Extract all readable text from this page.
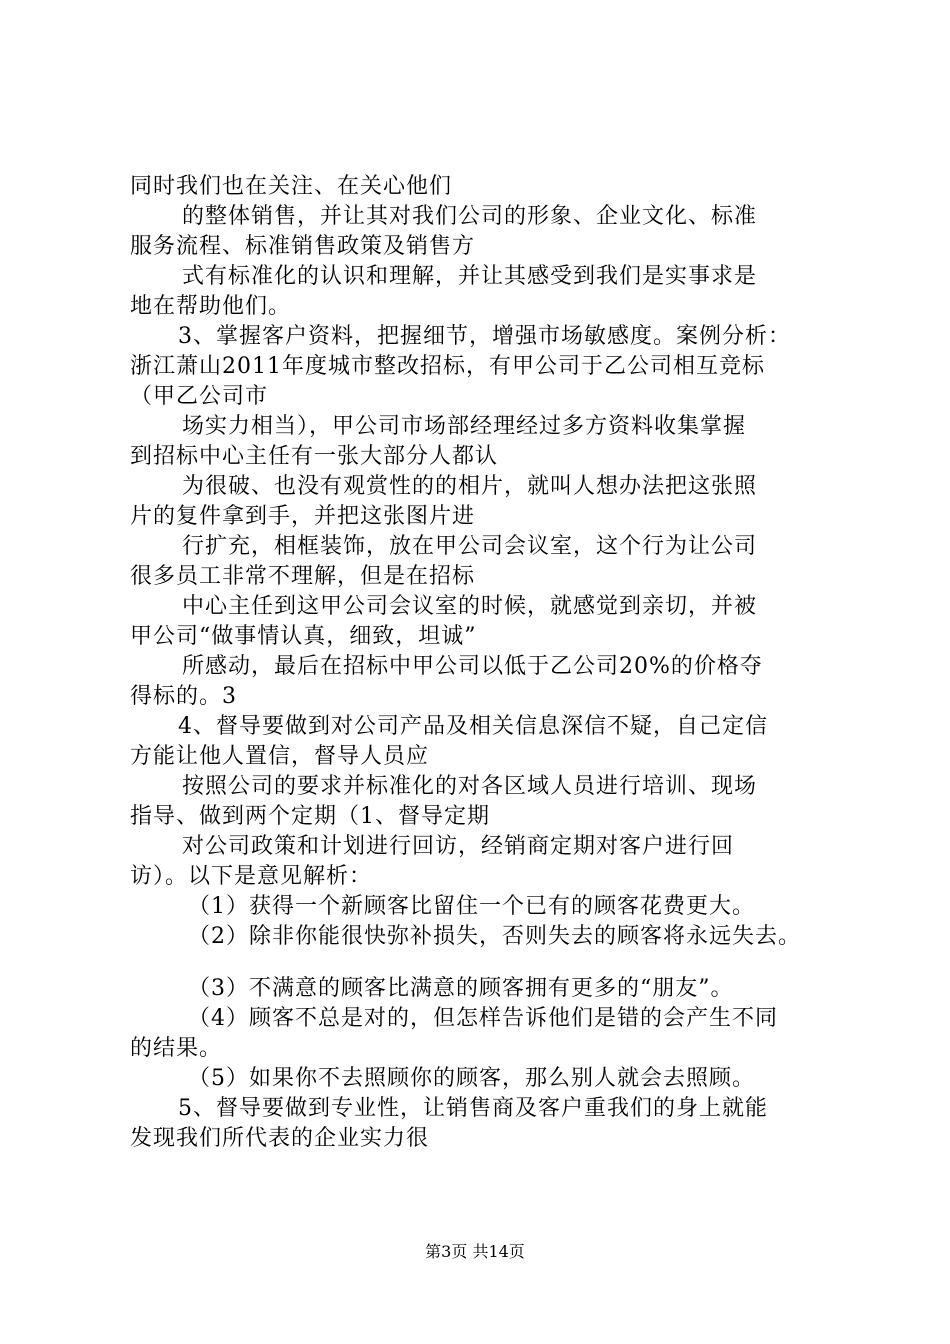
同时我们也在关注、在关心他们
的整体销售，并让其对我们公司的形象、企业文化、标准
服务流程、标准销售政策及销售方
式有标准化的认识和理解，并让其感受到我们是实事求是
地在帮助他们。
3、掌握客户资料，把握细节，增强市场敏感度。案例分析：
浙江萧山2011年度城市整改招标，有甲公司于乙公司相互竞标
（甲乙公司市
场实力相当），甲公司市场部经理经过多方资料收集掌握
到招标中心主任有一张大部分人都认
为很破、也没有观赏性的的相片，就叫人想办法把这张照
片的复件拿到手，并把这张图片进
行扩充，相框装饰，放在甲公司会议室，这个行为让公司
很多员工非常不理解，但是在招标
中心主任到这甲公司会议室的时候，就感觉到亲切，并被
甲公司“做事情认真，细致，坦诚”
所感动，最后在招标中甲公司以低于乙公司20%的价格夺
得标的。3
4、督导要做到对公司产品及相关信息深信不疑，自己定信
方能让他人置信，督导人员应
按照公司的要求并标准化的对各区域人员进行培训、现场
指导、做到两个定期（1、督导定期
对公司政策和计划进行回访，经销商定期对客户进行回
访）。以下是意见解析：
（1）获得一个新顾客比留住一个已有的顾客花费更大。
（2）除非你能很快弥补损失，否则失去的顾客将永远失去。
（3）不满意的顾客比满意的顾客拥有更多的“朋友”。
（4）顾客不总是对的，但怎样告诉他们是错的会产生不同
的结果。
（5）如果你不去照顾你的顾客，那么别人就会去照顾。
5、督导要做到专业性，让销售商及客户重我们的身上就能
发现我们所代表的企业实力很
第3页 共14页
